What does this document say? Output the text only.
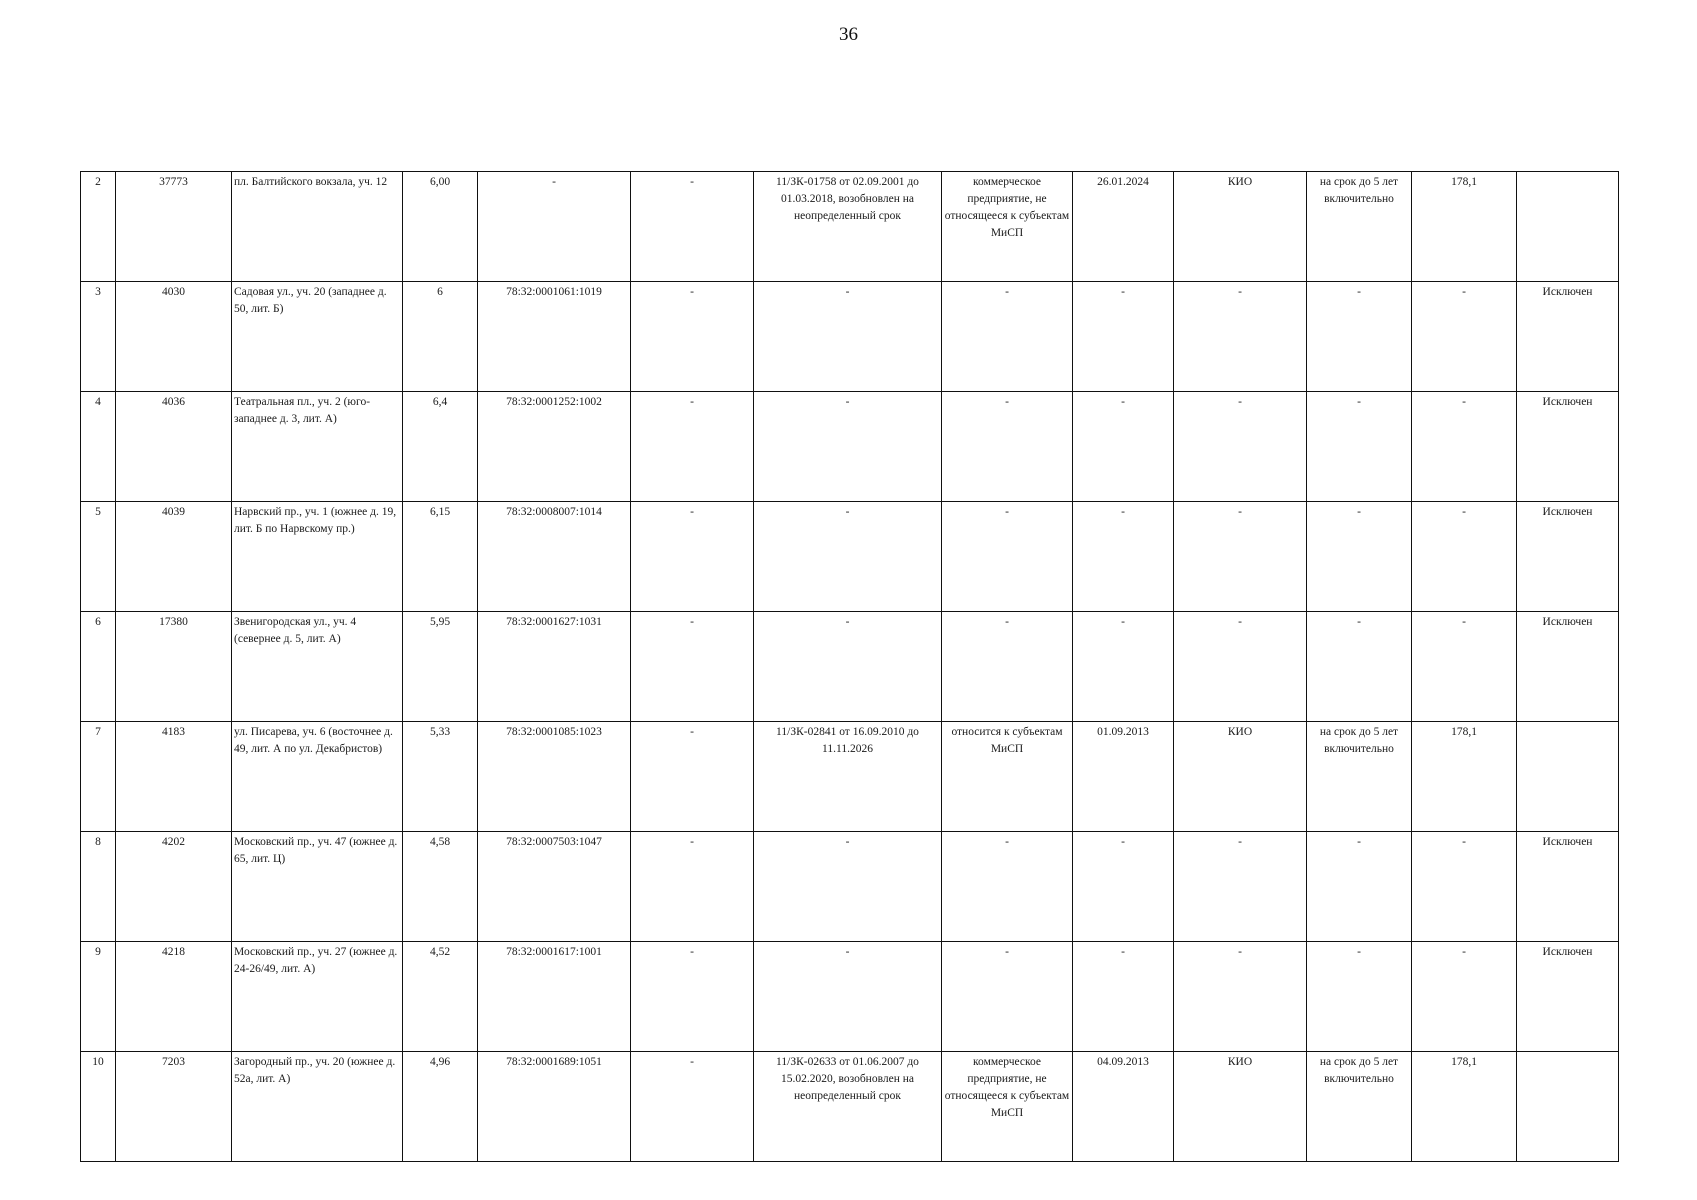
36
2	37773	пл. Балтийского вокзала, уч. 12	6,00	-	-	11/ЗК-01758 от 02.09.2001 до 01.03.2018, возобновлен на неопределенный срок	коммерческое предприятие, не относящееся к субъектам МиСП	26.01.2024	КИО	на срок до 5 лет включительно	178,1	
3	4030	Садовая ул., уч. 20 (западнее д. 50, лит. Б)	6	78:32:0001061:1019	-	-	-	-	-	-	-	Исключен
4	4036	Театральная пл., уч. 2 (юго-западнее д. 3, лит. А)	6,4	78:32:0001252:1002	-	-	-	-	-	-	-	Исключен
5	4039	Нарвский пр., уч. 1 (южнее д. 19, лит. Б по Нарвскому пр.)	6,15	78:32:0008007:1014	-	-	-	-	-	-	-	Исключен
6	17380	Звенигородская ул., уч. 4 (севернее д. 5, лит. А)	5,95	78:32:0001627:1031	-	-	-	-	-	-	-	Исключен
7	4183	ул. Писарева, уч. 6 (восточнее д. 49, лит. А по ул. Декабристов)	5,33	78:32:0001085:1023	-	11/ЗК-02841 от 16.09.2010 до 11.11.2026	относится к субъектам МиСП	01.09.2013	КИО	на срок до 5 лет включительно	178,1	
8	4202	Московский пр., уч. 47 (южнее д. 65, лит. Ц)	4,58	78:32:0007503:1047	-	-	-	-	-	-	-	Исключен
9	4218	Московский пр., уч. 27 (южнее д. 24-26/49, лит. А)	4,52	78:32:0001617:1001	-	-	-	-	-	-	-	Исключен
10	7203	Загородный пр., уч. 20 (южнее д. 52а, лит. А)	4,96	78:32:0001689:1051	-	11/ЗК-02633 от 01.06.2007 до 15.02.2020, возобновлен на неопределенный срок	коммерческое предприятие, не относящееся к субъектам МиСП	04.09.2013	КИО	на срок до 5 лет включительно	178,1	
